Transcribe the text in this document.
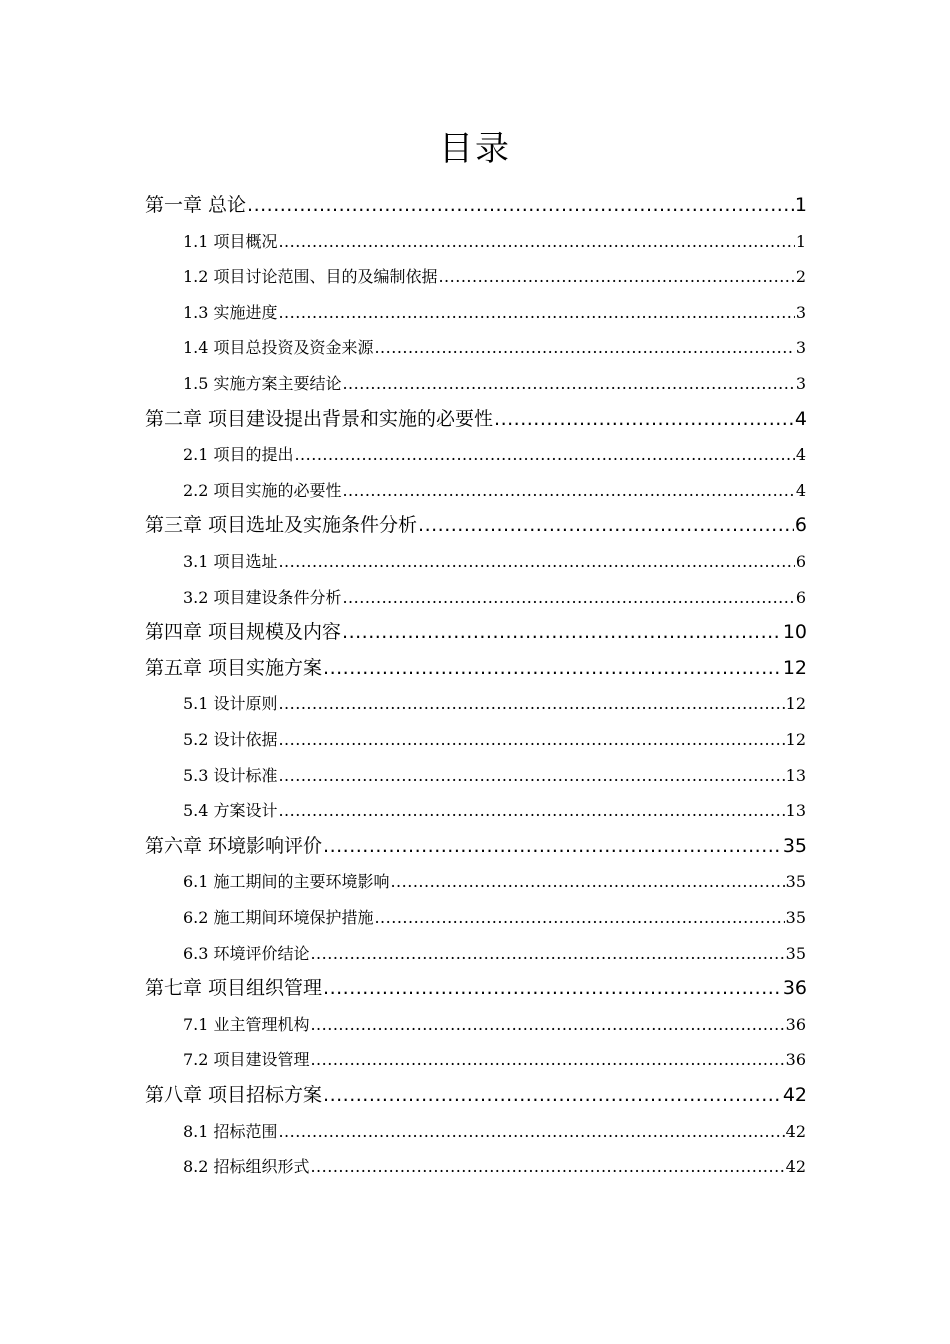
目录
第一章 总论 .....	1
1.1 项目概况 .....	1
1.2 项目讨论范围、目的及编制依据 .....	2
1.3 实施进度 .....	3
1.4 项目总投资及资金来源 .....	3
1.5 实施方案主要结论 .....	3
第二章 项目建设提出背景和实施的必要性 .....	4
2.1 项目的提出 .....	4
2.2 项目实施的必要性 .....	4
第三章 项目选址及实施条件分析 .....	6
3.1 项目选址 .....	6
3.2 项目建设条件分析 .....	6
第四章 项目规模及内容 .....	10
第五章 项目实施方案 .....	12
5.1 设计原则 .....	12
5.2 设计依据 .....	12
5.3 设计标准 .....	13
5.4 方案设计 .....	13
第六章 环境影响评价 .....	35
6.1 施工期间的主要环境影响 .....	35
6.2 施工期间环境保护措施 .....	35
6.3 环境评价结论 .....	35
第七章 项目组织管理 .....	36
7.1 业主管理机构 .....	36
7.2 项目建设管理 .....	36
第八章 项目招标方案 .....	42
8.1 招标范围 .....	42
8.2 招标组织形式 .....	42
